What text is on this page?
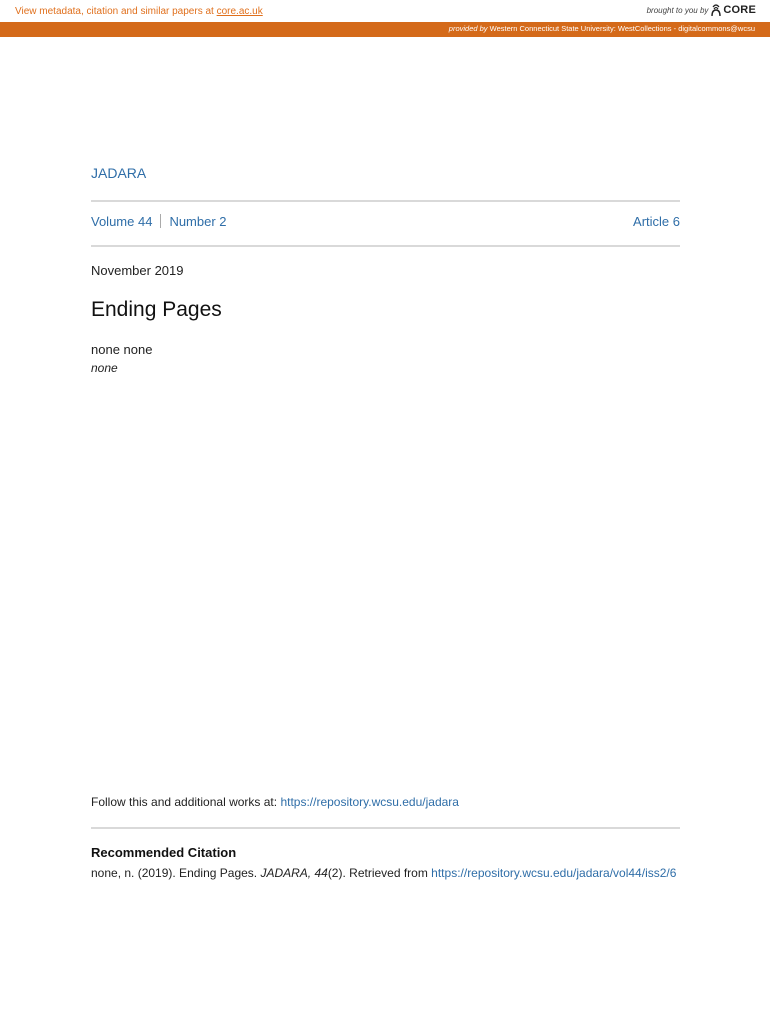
View metadata, citation and similar papers at core.ac.uk	brought to you by CORE
provided by Western Connecticut State University: WestCollections - digitalcommons@wcsu
JADARA
Volume 44 Number 2	Article 6
November 2019
Ending Pages
none none
none
Follow this and additional works at: https://repository.wcsu.edu/jadara
Recommended Citation
none, n. (2019). Ending Pages. JADARA, 44(2). Retrieved from https://repository.wcsu.edu/jadara/vol44/iss2/6
